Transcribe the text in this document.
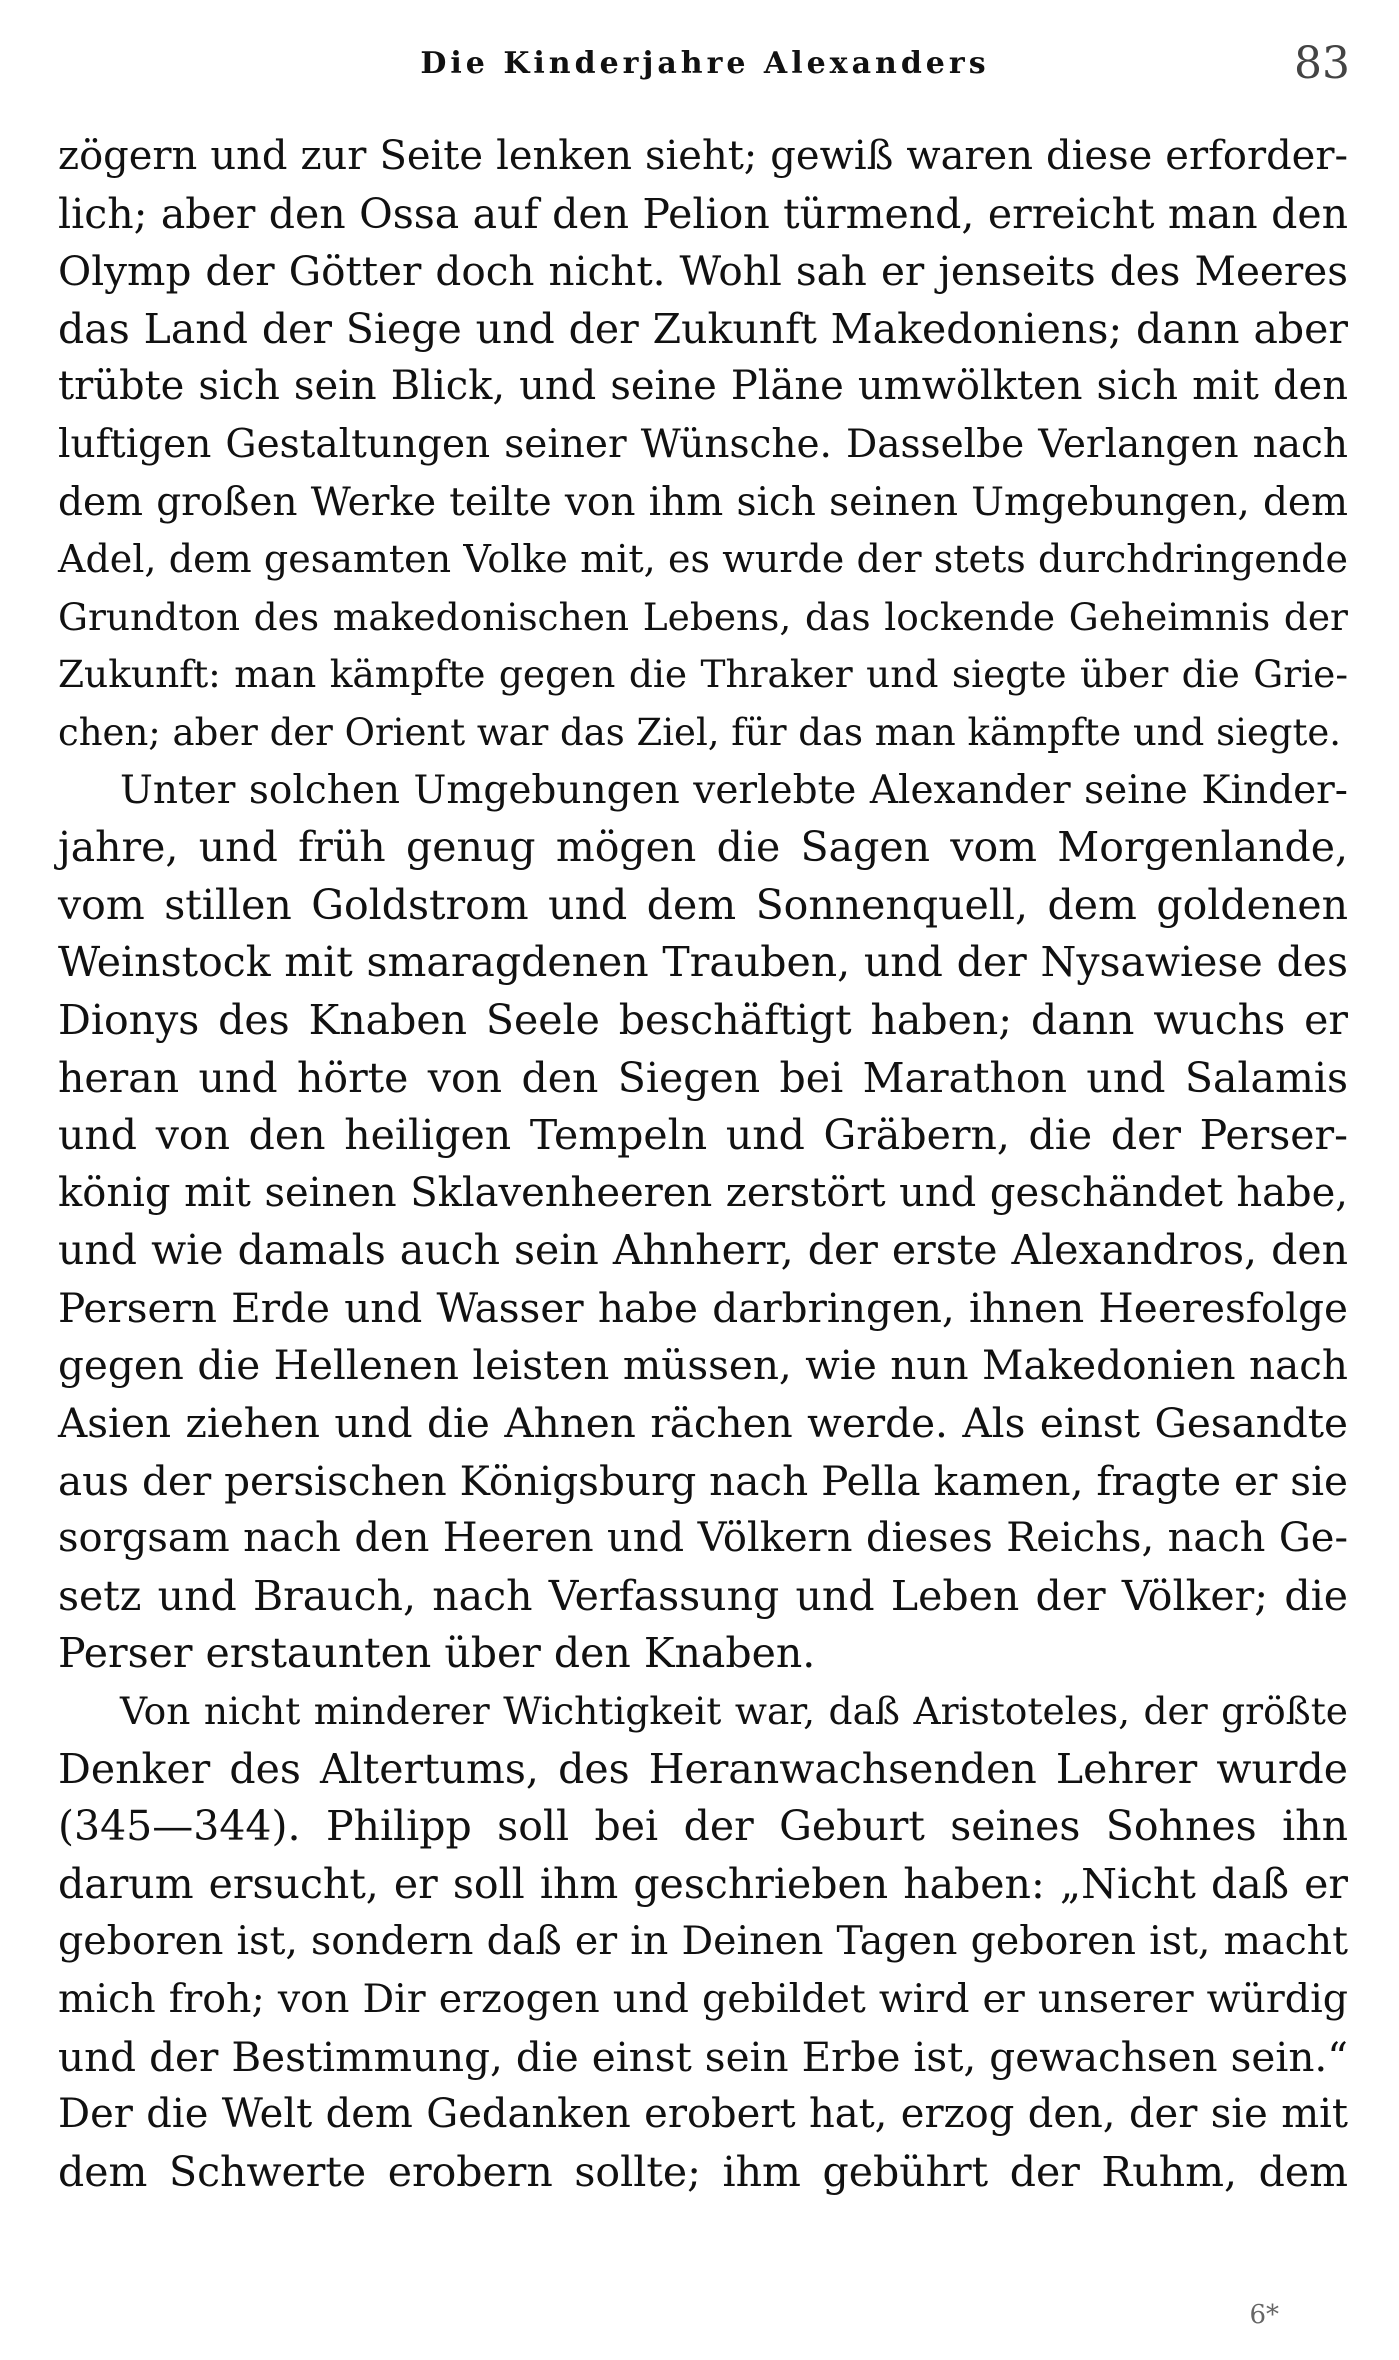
Die Kinderjahre Alexanders	83
zögern und zur Seite lenken sieht; gewiß waren diese erforder-
lich; aber den Ossa auf den Pelion türmend, erreicht man den
Olymp der Götter doch nicht. Wohl sah er jenseits des Meeres
das Land der Siege und der Zukunft Makedoniens; dann aber
trübte sich sein Blick, und seine Pläne umwölkten sich mit den
luftigen Gestaltungen seiner Wünsche. Dasselbe Verlangen nach
dem großen Werke teilte von ihm sich seinen Umgebungen, dem
Adel, dem gesamten Volke mit, es wurde der stets durchdringende
Grundton des makedonischen Lebens, das lockende Geheimnis der
Zukunft: man kämpfte gegen die Thraker und siegte über die Grie-
chen; aber der Orient war das Ziel, für das man kämpfte und siegte.
Unter solchen Umgebungen verlebte Alexander seine Kinder-
jahre, und früh genug mögen die Sagen vom Morgenlande,
vom stillen Goldstrom und dem Sonnenquell, dem goldenen
Weinstock mit smaragdenen Trauben, und der Nysawiese des
Dionys des Knaben Seele beschäftigt haben; dann wuchs er
heran und hörte von den Siegen bei Marathon und Salamis
und von den heiligen Tempeln und Gräbern, die der Perser-
könig mit seinen Sklavenheeren zerstört und geschändet habe,
und wie damals auch sein Ahnherr, der erste Alexandros, den
Persern Erde und Wasser habe darbringen, ihnen Heeresfolge
gegen die Hellenen leisten müssen, wie nun Makedonien nach
Asien ziehen und die Ahnen rächen werde. Als einst Gesandte
aus der persischen Königsburg nach Pella kamen, fragte er sie
sorgsam nach den Heeren und Völkern dieses Reichs, nach Ge-
setz und Brauch, nach Verfassung und Leben der Völker; die
Perser erstaunten über den Knaben.
Von nicht minderer Wichtigkeit war, daß Aristoteles, der größte
Denker des Altertums, des Heranwachsenden Lehrer wurde
(345—344). Philipp soll bei der Geburt seines Sohnes ihn
darum ersucht, er soll ihm geschrieben haben: „Nicht daß er
geboren ist, sondern daß er in Deinen Tagen geboren ist, macht
mich froh; von Dir erzogen und gebildet wird er unserer würdig
und der Bestimmung, die einst sein Erbe ist, gewachsen sein.“
Der die Welt dem Gedanken erobert hat, erzog den, der sie mit
dem Schwerte erobern sollte; ihm gebührt der Ruhm, dem
6*
